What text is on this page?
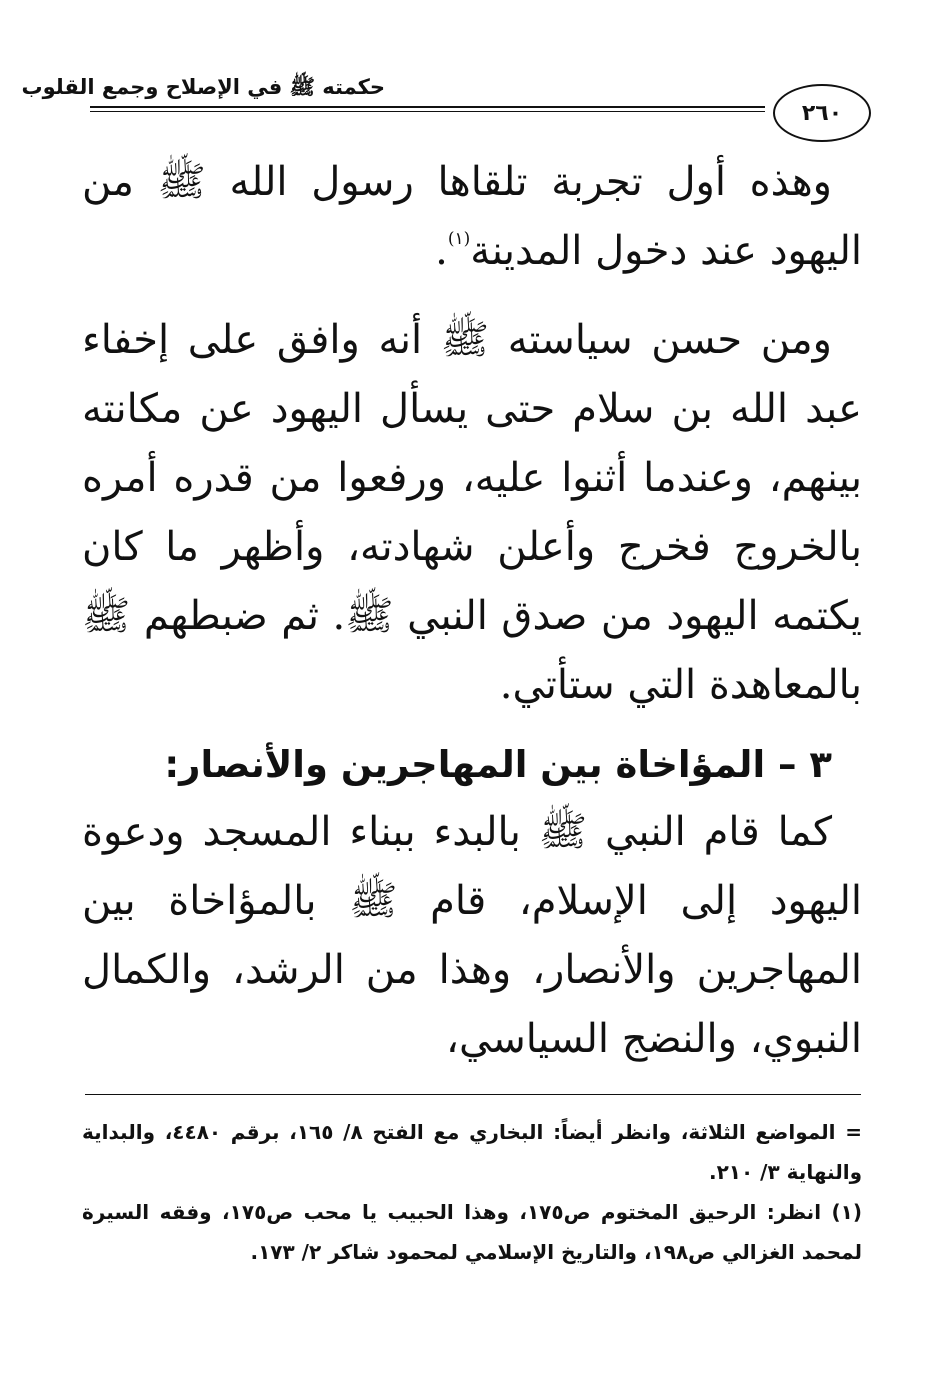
حكمته ﷺ في الإصلاح وجمع القلوب
٢٦٠

وهذه أول تجربة تلقاها رسول الله ﷺ من اليهود عند دخول المدينة$^{(١)}$.

ومن حسن سياسته ﷺ أنه وافق على إخفاء عبد الله بن سلام حتى يسأل اليهود عن مكانته بينهم، وعندما أثنوا عليه، ورفعوا من قدره أمره بالخروج فخرج وأعلن شهادته، وأظهر ما كان يكتمه اليهود من صدق النبي ﷺ. ثم ضبطهم ﷺ بالمعاهدة التي ستأتي.

٣ – المؤاخاة بين المهاجرين والأنصار:

كما قام النبي ﷺ بالبدء ببناء المسجد ودعوة اليهود إلى الإسلام، قام ﷺ بالمؤاخاة بين المهاجرين والأنصار، وهذا من الرشد، والكمال النبوي، والنضج السياسي،

= المواضع الثلاثة، وانظر أيضاً: البخاري مع الفتح ٨/ ١٦٥، برقم ٤٤٨٠، والبداية والنهاية ٣/ ٢١٠.

(١) انظر: الرحيق المختوم ص١٧٥، وهذا الحبيب يا محب ص١٧٥، وفقه السيرة لمحمد الغزالي ص١٩٨، والتاريخ الإسلامي لمحمود شاكر ٢/ ١٧٣.
